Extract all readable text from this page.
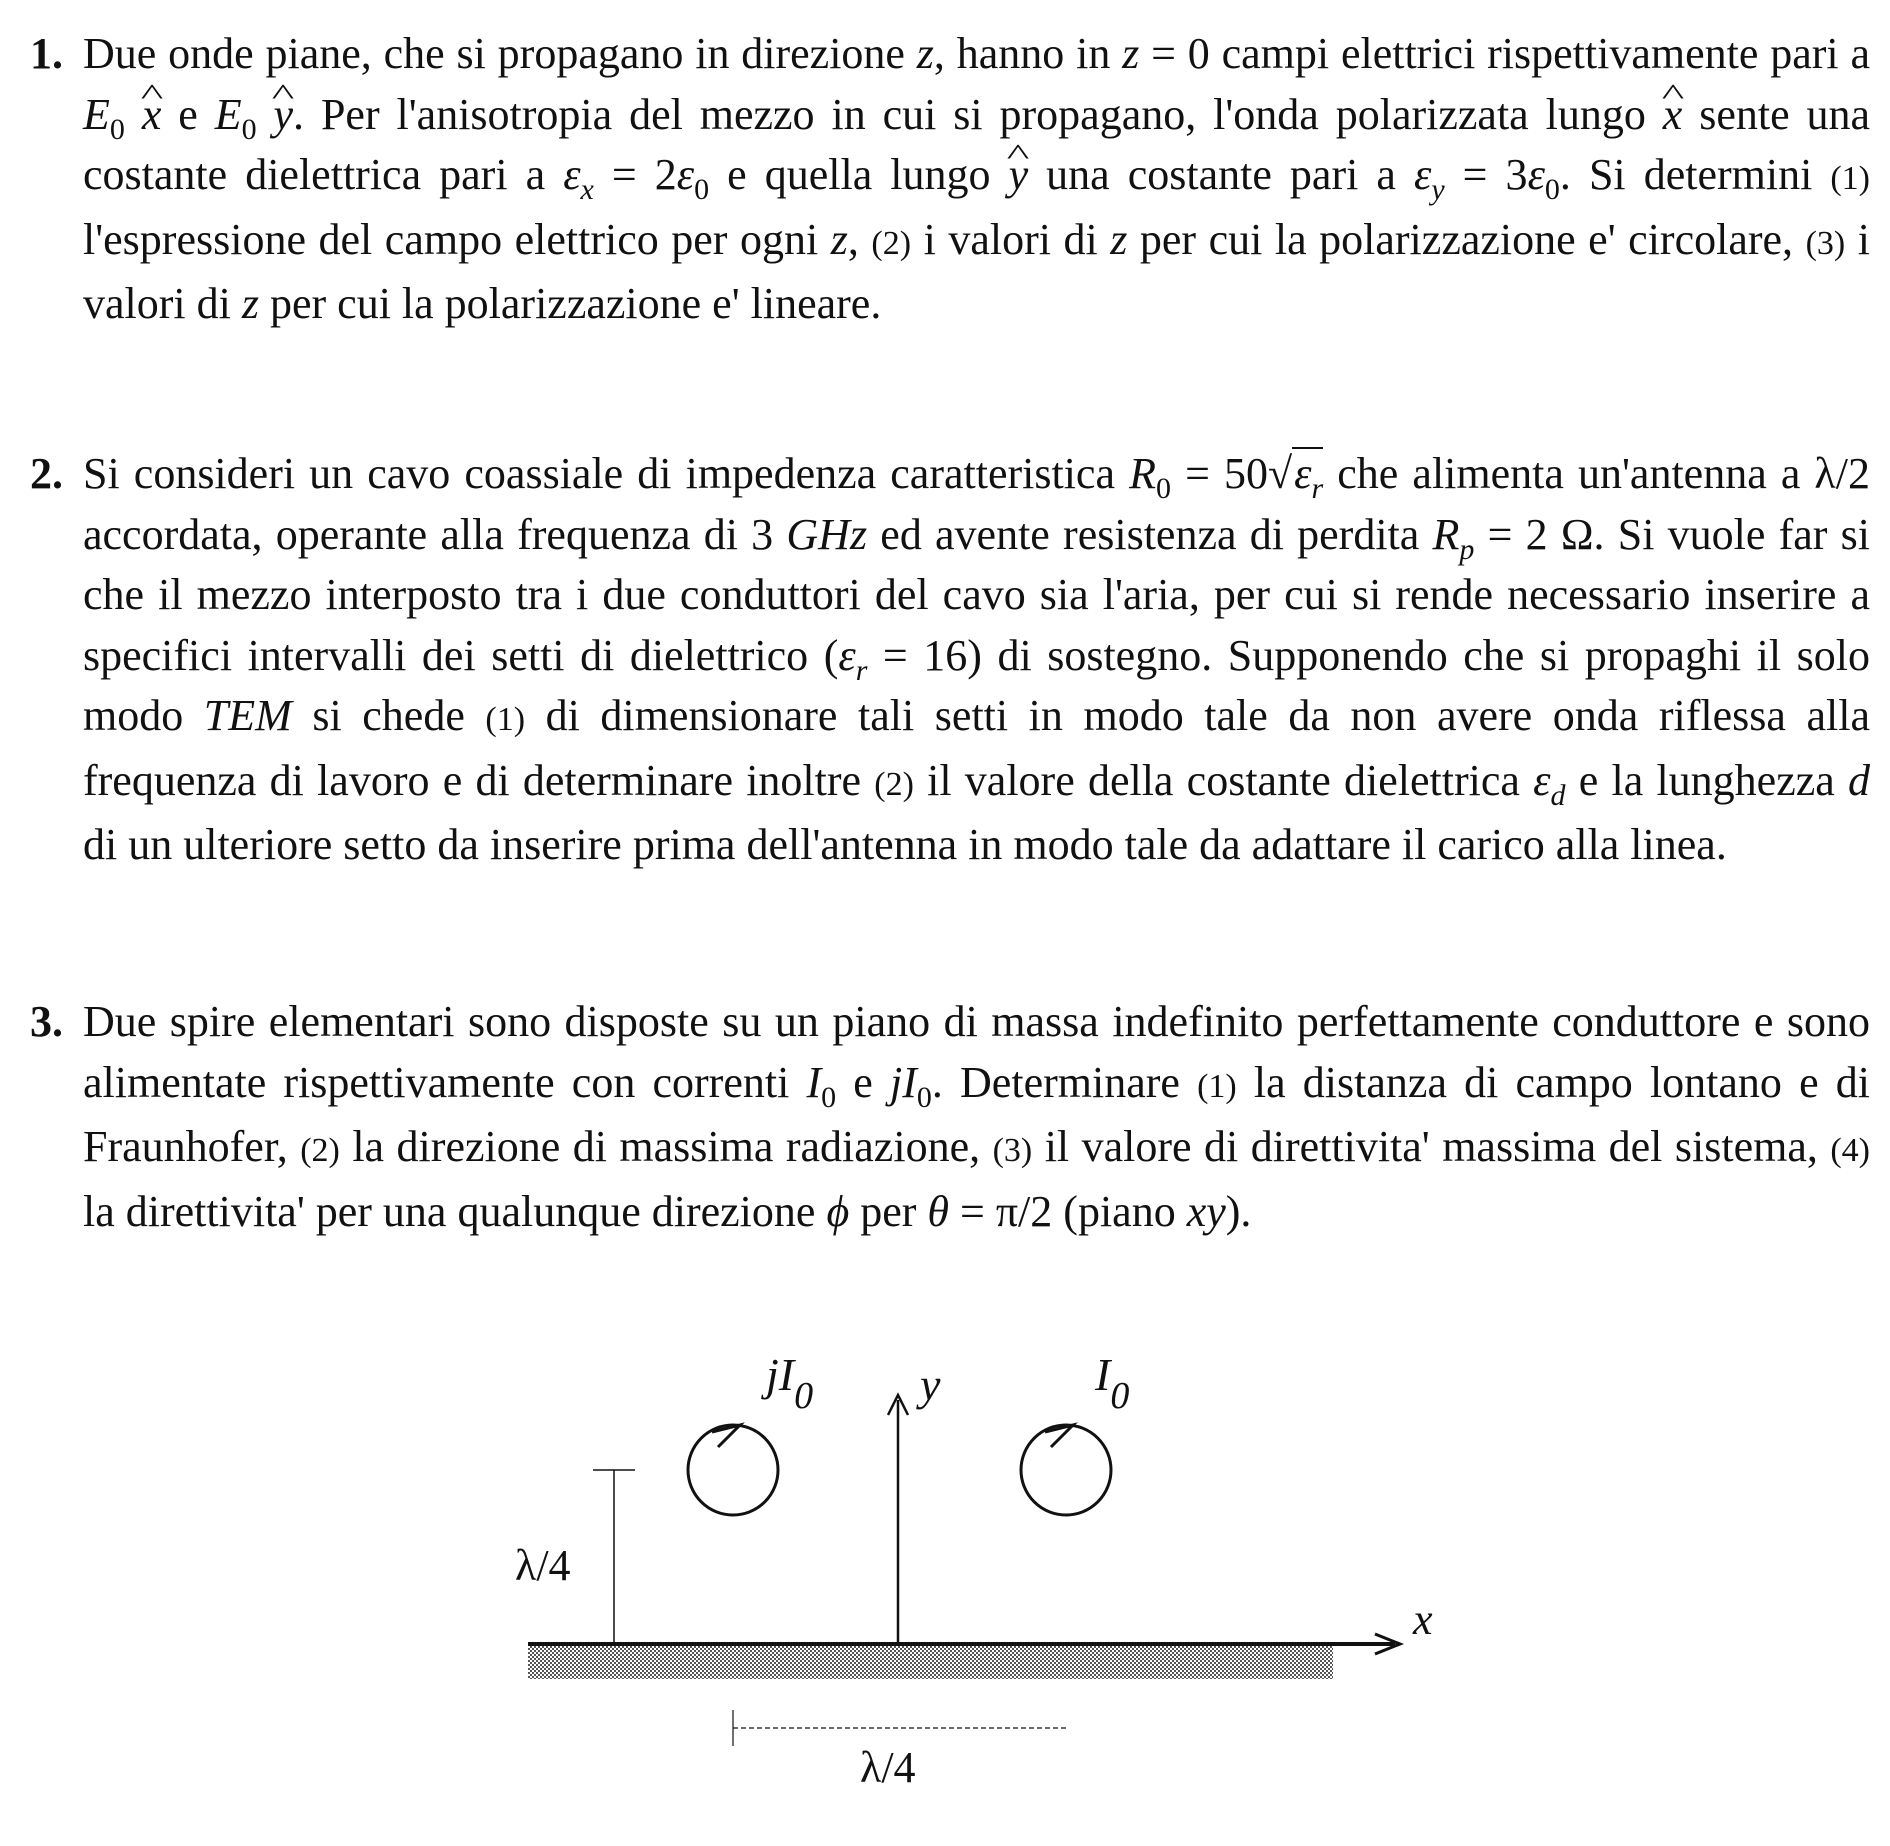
1. Due onde piane, che si propagano in direzione z, hanno in z = 0 campi elettrici rispettivamente pari a $E_0$ ^ x e $E_0$ ^ y. Per l'anisotropia del mezzo in cui si propagano, l'onda polarizzata lungo ^ x sente una costante dielettrica pari a $\varepsilon_x = 2\varepsilon_0$ e quella lungo ^ y una costante pari a $\varepsilon_y = 3\varepsilon_0$. Si determini (1) l'espressione del campo elettrico per ogni z, (2) i valori di z per cui la polarizzazione e' circolare, (3) i valori di z per cui la polarizzazione e' lineare.
2. Si consideri un cavo coassiale di impedenza caratteristica $R_0 = 50√\varepsilon_r$ che alimenta un'antenna a λ/2 accordata, operante alla frequenza di 3 GHz ed avente resistenza di perdita $R_p = 2$ Ω. Si vuole far si che il mezzo interposto tra i due conduttori del cavo sia l'aria, per cui si rende necessario inserire a specifici intervalli dei setti di dielettrico $(\varepsilon_r = 16)$ di sostegno. Supponendo che si propaghi il solo modo TEM si chede (1) di dimensionare tali setti in modo tale da non avere onda riflessa alla frequenza di lavoro e di determinare inoltre (2) il valore della costante dielettrica $\varepsilon_d$ e la lunghezza d di un ulteriore setto da inserire prima dell'antenna in modo tale da adattare il carico alla linea.
3. Due spire elementari sono disposte su un piano di massa indefinito perfettamente conduttore e sono alimentate rispettivamente con correnti $I_0$ e $jI_0$. Determinare (1) la distanza di campo lontano e di Fraunhofer, (2) la direzione di massima radiazione, (3) il valore di direttivita' massima del sistema, (4) la direttivita' per una qualunque direzione ϕ per θ = π/2 (piano xy).
x
y
$jI_0$	$I_0$
λ/4
λ/4
